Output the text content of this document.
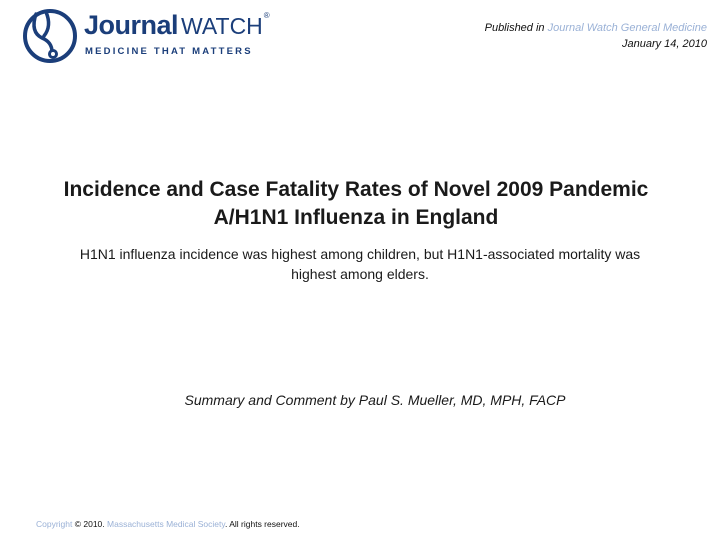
Journal WATCH®
MEDICINE THAT MATTERS
Published in Journal Watch General Medicine
January 14, 2010
Incidence and Case Fatality Rates of Novel 2009 Pandemic A/H1N1 Influenza in England

H1N1 influenza incidence was highest among children, but H1N1-associated mortality was highest among elders.

Summary and Comment by Paul S. Mueller, MD, MPH, FACP

Copyright © 2010. Massachusetts Medical Society. All rights reserved.
